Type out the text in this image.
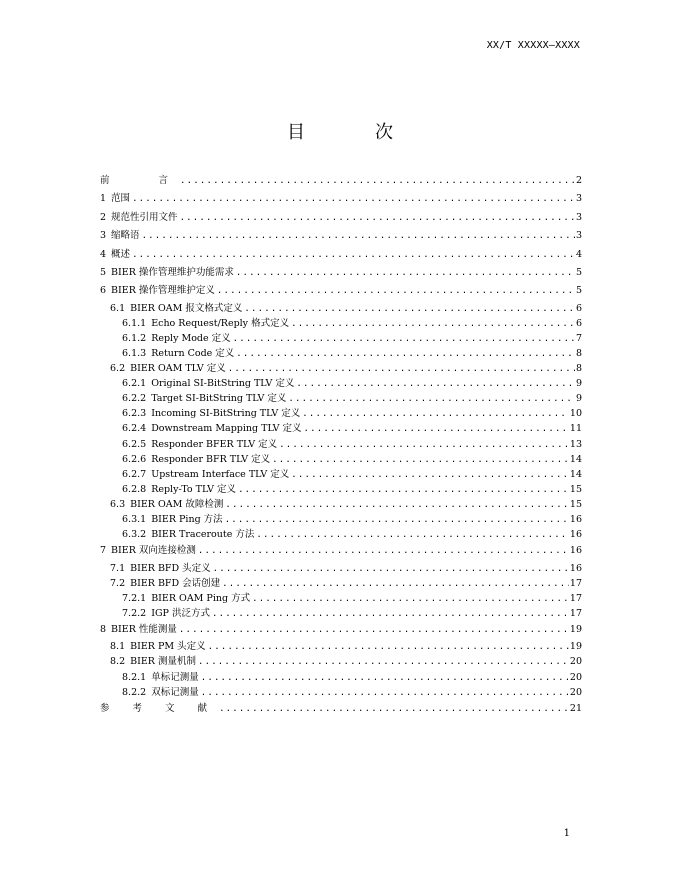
XX/T XXXXX—XXXX
目　次
前　　言 .....	2
1 范围 .....	3
2 规范性引用文件 .....	3
3 缩略语 .....	3
4 概述 .....	4
5 BIER 操作管理维护功能需求 .....	5
6 BIER 操作管理维护定义 .....	5
6.1 BIER OAM 报文格式定义 .....	6
6.1.1 Echo Request/Reply 格式定义 .....	6
6.1.2 Reply Mode 定义 .....	7
6.1.3 Return Code 定义 .....	8
6.2 BIER OAM TLV 定义 .....	8
6.2.1 Original SI-BitString TLV 定义 .....	9
6.2.2 Target SI-BitString TLV 定义 .....	9
6.2.3 Incoming SI-BitString TLV 定义 .....	10
6.2.4 Downstream Mapping TLV 定义 .....	11
6.2.5 Responder BFER TLV 定义 .....	13
6.2.6 Responder BFR TLV 定义 .....	14
6.2.7 Upstream Interface TLV 定义 .....	14
6.2.8 Reply-To TLV 定义 .....	15
6.3 BIER OAM 故障检测 .....	15
6.3.1 BIER Ping 方法 .....	16
6.3.2 BIER Traceroute 方法 .....	16
7 BIER 双向连接检测 .....	16
7.1 BIER BFD 头定义 .....	16
7.2 BIER BFD 会话创建 .....	17
7.2.1 BIER OAM Ping 方式 .....	17
7.2.2 IGP 洪泛方式 .....	17
8 BIER 性能测量 .....	19
8.1 BIER PM 头定义 .....	19
8.2 BIER 测量机制 .....	20
8.2.1 单标记测量 .....	20
8.2.2 双标记测量 .....	20
参 考 文 献 .....	21
1
